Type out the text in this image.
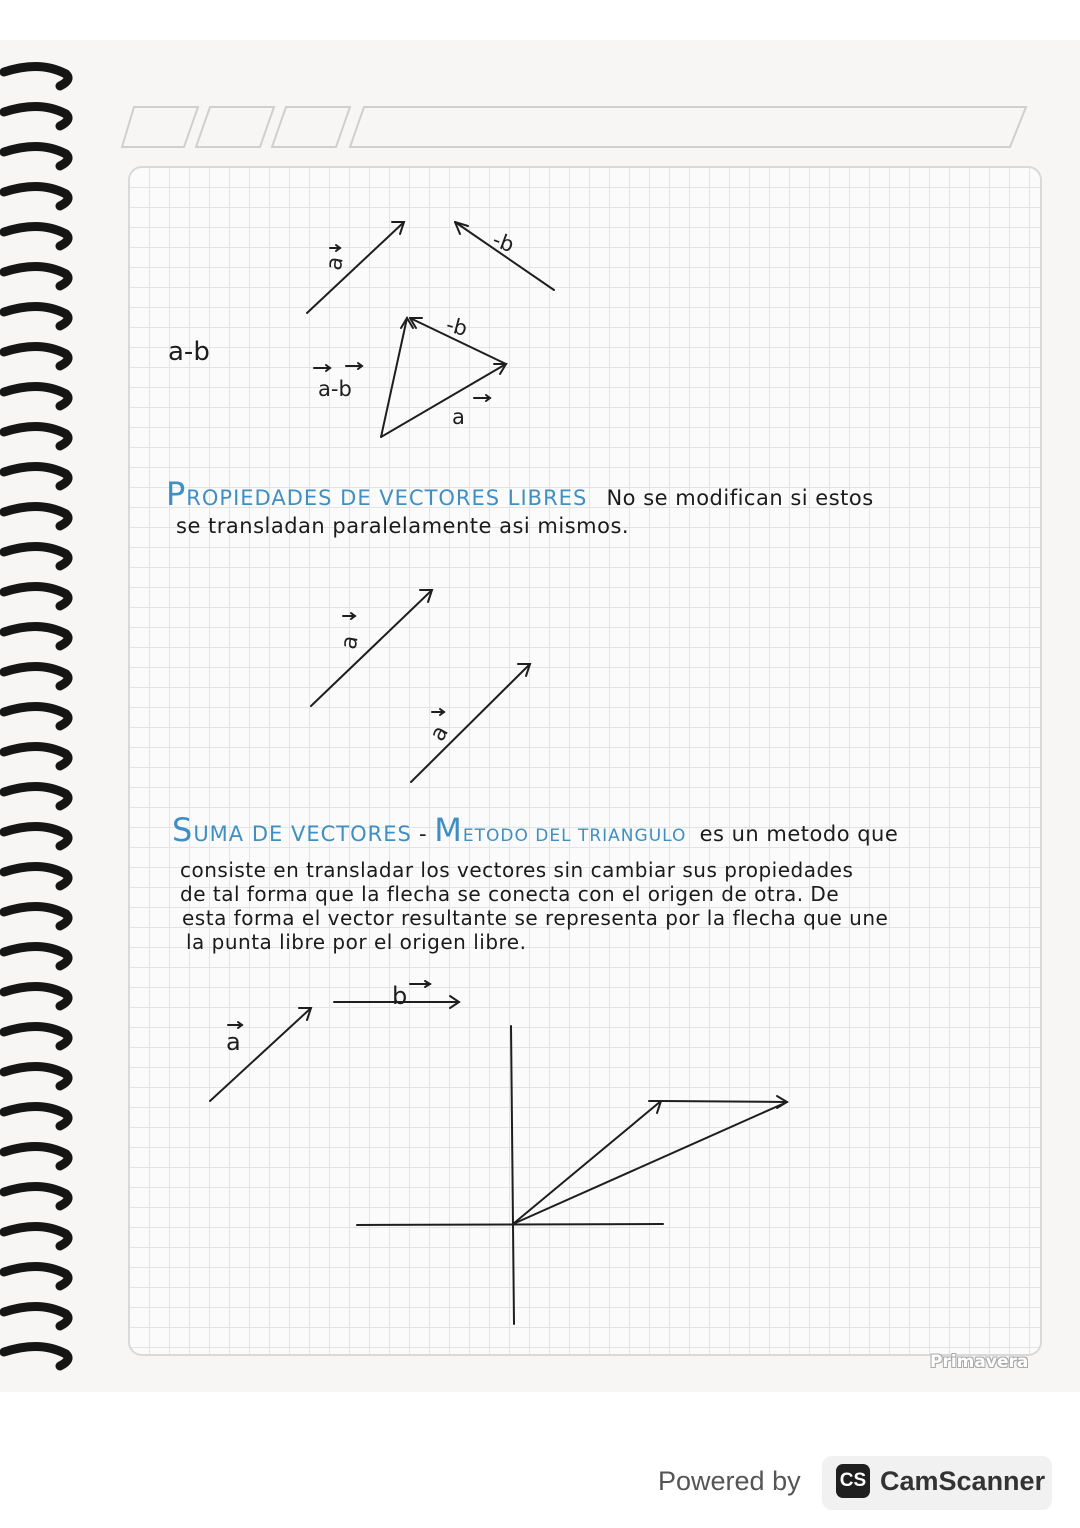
a-b
a
-b
-b
a-b
a
a
a
a
b
PROPIEDADES DE VECTORES LIBRES No se modifican si estos
se transladan paralelamente asi mismos.
SUMA DE VECTORES - METODO DEL TRIANGULO es un metodo que
consiste en transladar los vectores sin cambiar sus propiedades
de tal forma que la flecha se conecta con el origen de otra. De
esta forma el vector resultante se representa por la flecha que une
la punta libre por el origen libre.
Primavera
Powered by CS CamScanner
